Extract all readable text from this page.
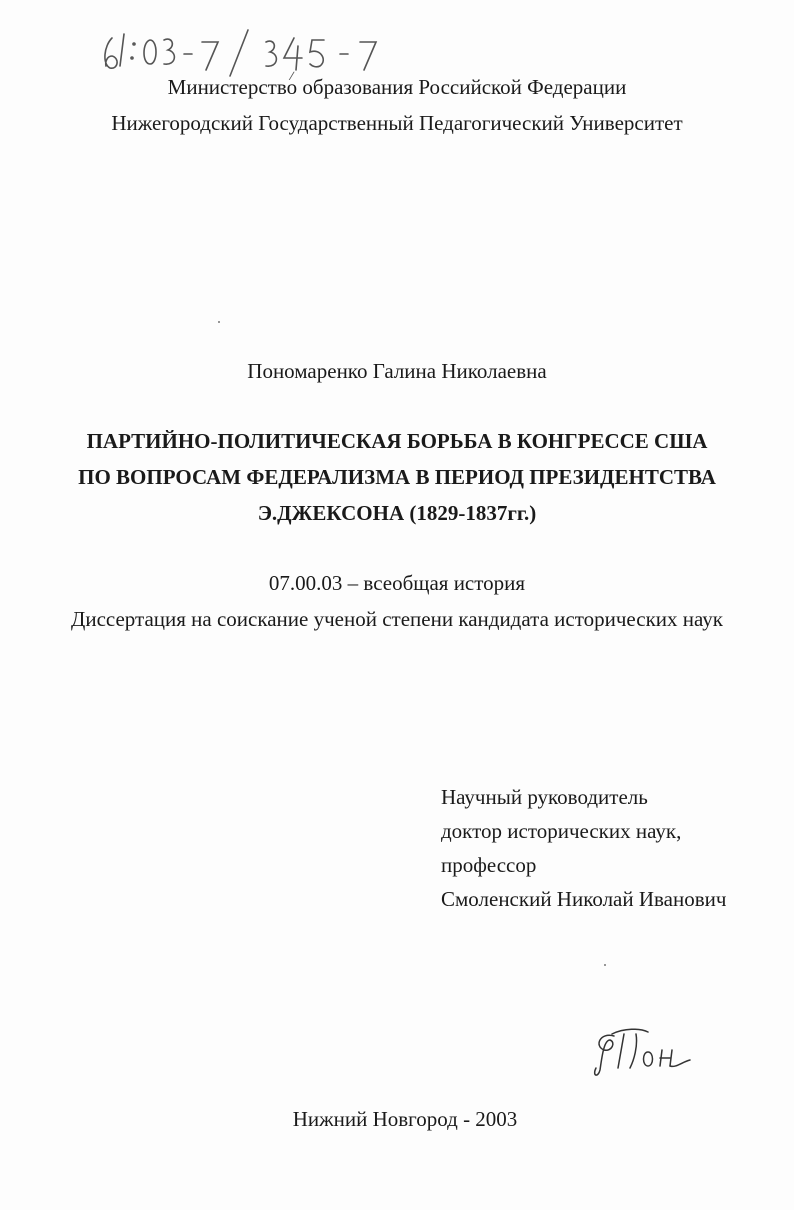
Министерство образования Российской Федерации
Нижегородский Государственный Педагогический Университет
Пономаренко Галина Николаевна
ПАРТИЙНО-ПОЛИТИЧЕСКАЯ БОРЬБА В КОНГРЕССЕ США
ПО ВОПРОСАМ ФЕДЕРАЛИЗМА В ПЕРИОД ПРЕЗИДЕНТСТВА
Э.ДЖЕКСОНА (1829-1837гг.)
07.00.03 – всеобщая история
Диссертация на соискание ученой степени кандидата исторических наук
Научный руководитель
доктор исторических наук,
профессор
Смоленский Николай Иванович
Нижний Новгород - 2003
